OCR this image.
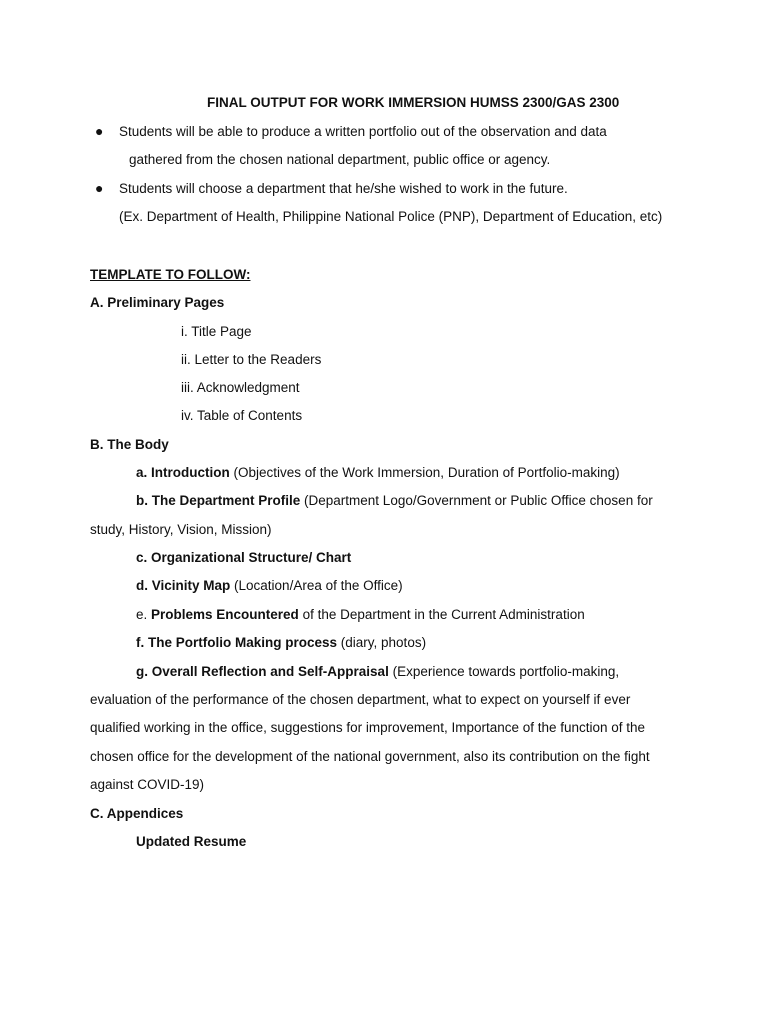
FINAL OUTPUT FOR WORK IMMERSION HUMSS 2300/GAS 2300
● Students will be able to produce a written portfolio out of the observation and data
gathered from the chosen national department, public office or agency.
● Students will choose a department that he/she wished to work in the future.
(Ex. Department of Health, Philippine National Police (PNP), Department of Education, etc)
TEMPLATE TO FOLLOW:
A. Preliminary Pages
i. Title Page
ii. Letter to the Readers
iii. Acknowledgment
iv. Table of Contents
B. The Body
a. Introduction (Objectives of the Work Immersion, Duration of Portfolio-making)
b. The Department Profile (Department Logo/Government or Public Office chosen for
study, History, Vision, Mission)
c. Organizational Structure/ Chart
d. Vicinity Map (Location/Area of the Office)
e. Problems Encountered of the Department in the Current Administration
f. The Portfolio Making process (diary, photos)
g. Overall Reflection and Self-Appraisal (Experience towards portfolio-making,
evaluation of the performance of the chosen department, what to expect on yourself if ever
qualified working in the office, suggestions for improvement, Importance of the function of the
chosen office for the development of the national government, also its contribution on the fight
against COVID-19)
C. Appendices
Updated Resume
